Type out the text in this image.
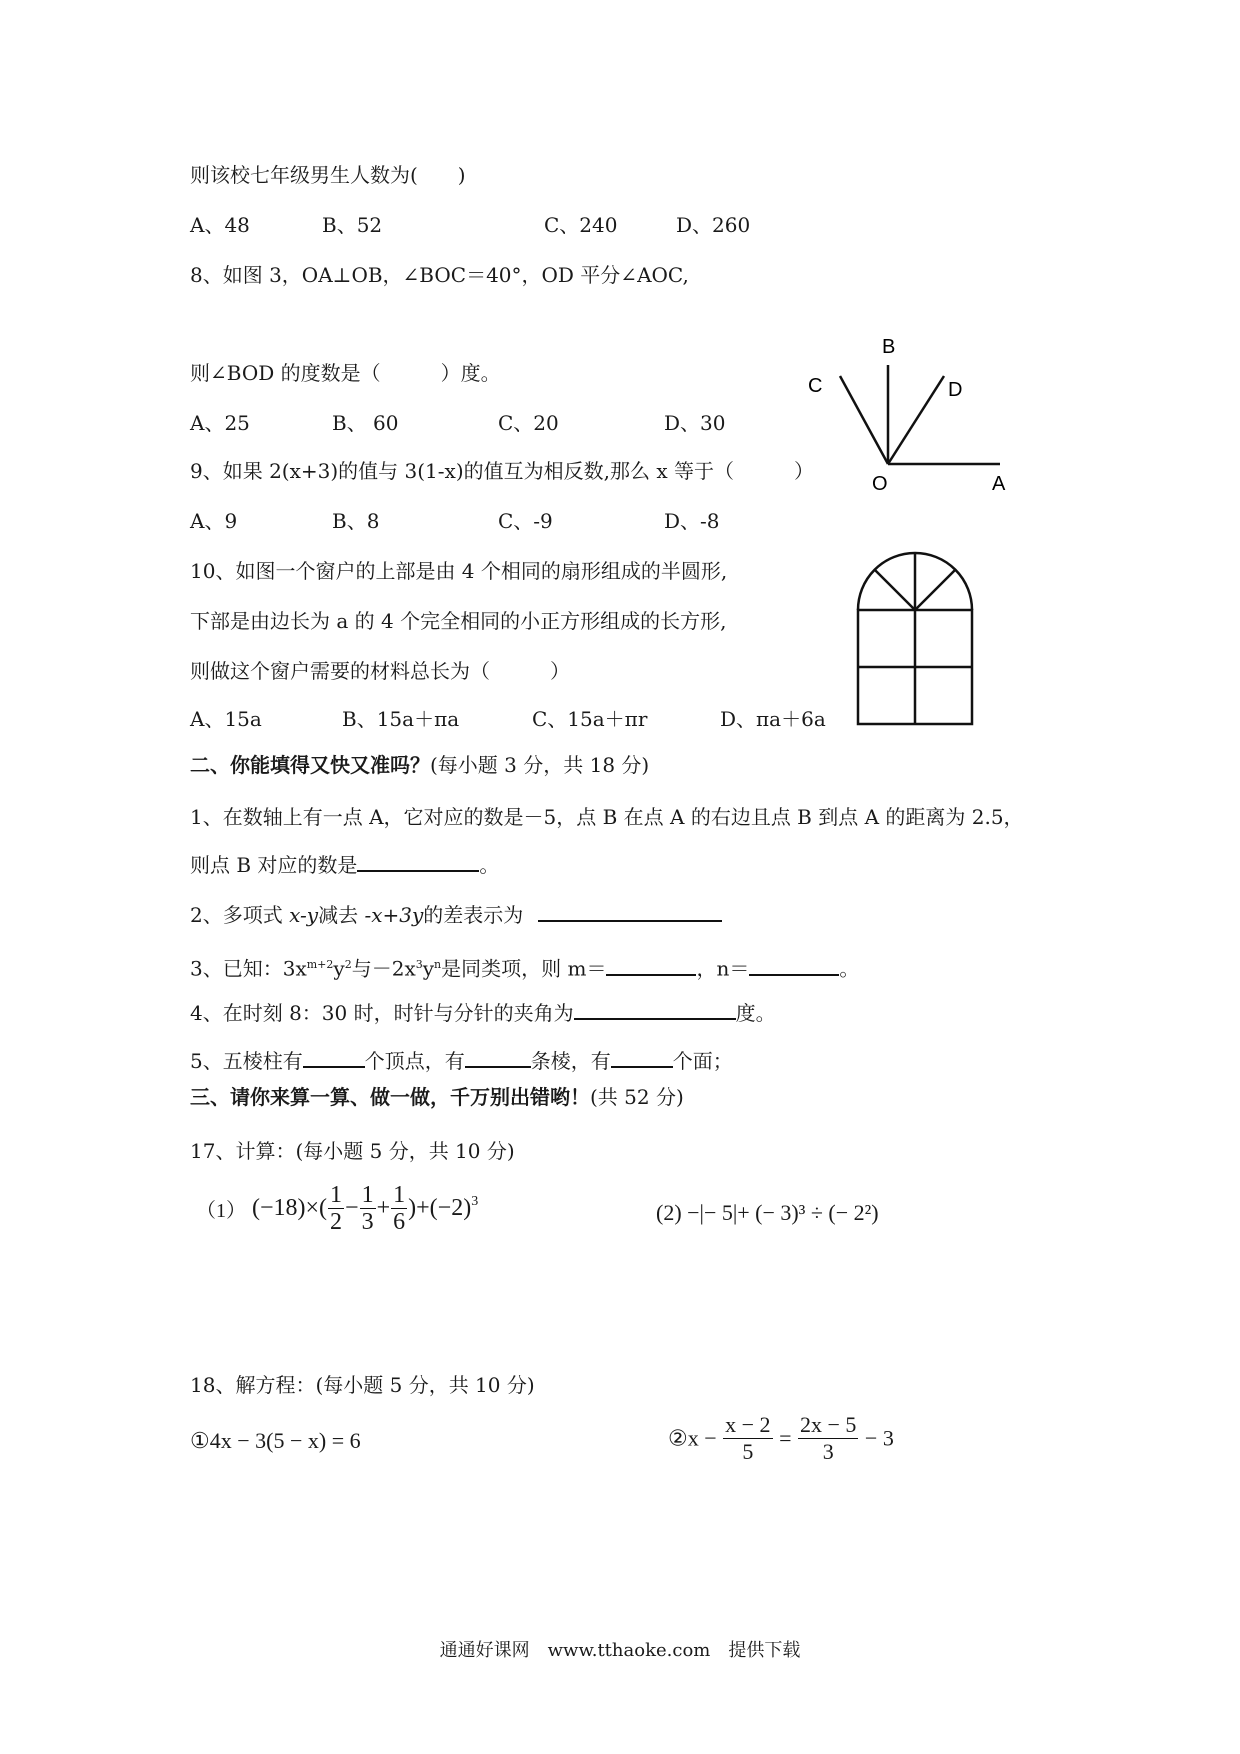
则该校七年级男生人数为(　　)
A、48	B、52	C、240	D、260
8、如图 3，OA⊥OB，∠BOC＝40°，OD 平分∠AOC,
则∠BOD 的度数是（　　　）度。
A、25	B、 60	C、20	D、30
B
C	D
O	A
9、如果 2(x+3)的值与 3(1-x)的值互为相反数,那么 x 等于（　　　）
A、9	B、8	C、-9	D、-8
10、如图一个窗户的上部是由 4 个相同的扇形组成的半圆形,
下部是由边长为 a 的 4 个完全相同的小正方形组成的长方形,
则做这个窗户需要的材料总长为（　　　）
A、15a	B、15a＋πa	C、15a＋πr	D、πa＋6a
二、你能填得又快又准吗？(每小题 3 分，共 18 分)
1、在数轴上有一点 A，它对应的数是－5，点 B 在点 A 的右边且点 B 到点 A 的距离为 2.5，
则点 B 对应的数是	。
2、多项式 x-y减去 -x+3y的差表示为
3、已知：$3x^{m+2}y^2$与$-2x^3y^n$是同类项，则 m＝	，n＝	。
4、在时刻 8：30 时，时针与分针的夹角为	度。
5、五棱柱有	个顶点，有	条棱，有	个面；
三、请你来算一算、做一做，千万别出错哟！(共 52 分)
17、计算：(每小题 5 分，共 10 分)
（1） $(-18)\times( \frac{1}{2} - \frac{1}{3} + \frac{1}{6} )+(-2)^3$	(2) −|− 5|+ (− 3)³ ÷ (− 2²)
18、解方程：(每小题 5 分，共 10 分)
①4x − 3(5 − x) = 6	②x − $\frac{x - 2}{5} = \frac{2x - 5}{3} - 3$
通通好课网　www.tthaoke.com　提供下载
